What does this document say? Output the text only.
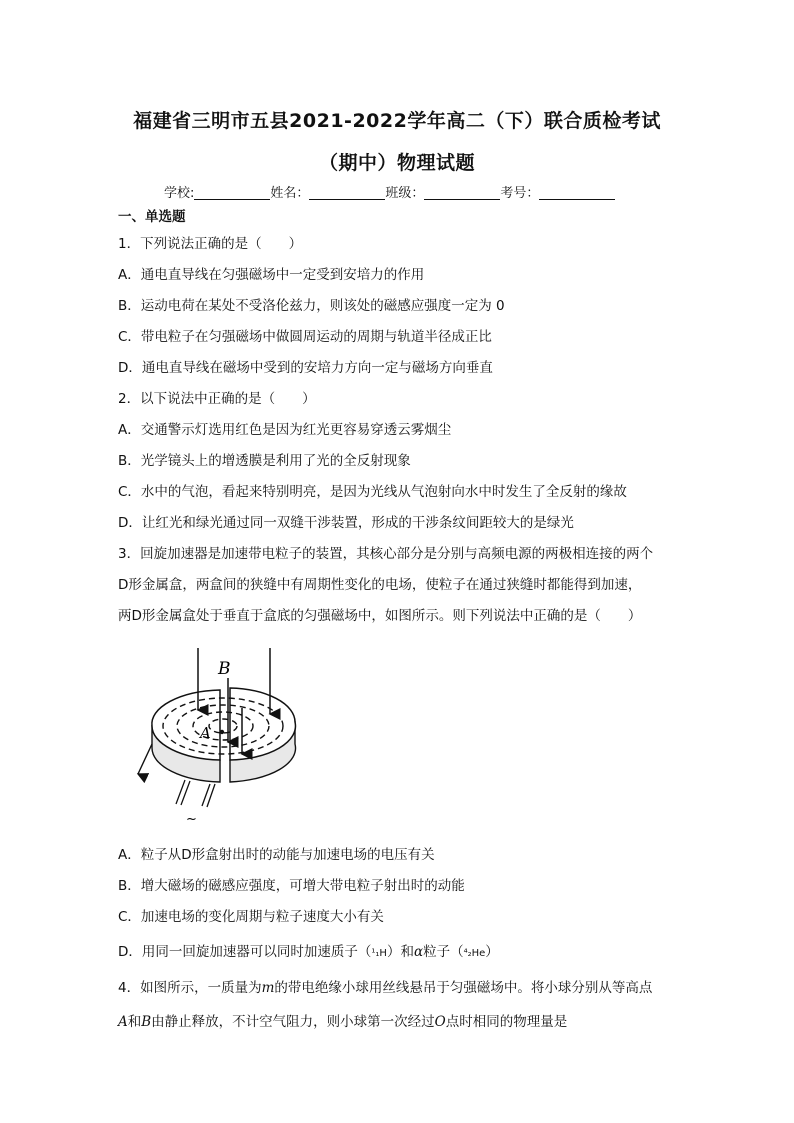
福建省三明市五县2021-2022学年高二（下）联合质检考试
（期中）物理试题
学校:	姓名：	班级：	考号：
一、单选题
1．下列说法正确的是（　　）
A．通电直导线在匀强磁场中一定受到安培力的作用
B．运动电荷在某处不受洛伦兹力，则该处的磁感应强度一定为 0
C．带电粒子在匀强磁场中做圆周运动的周期与轨道半径成正比
D．通电直导线在磁场中受到的安培力方向一定与磁场方向垂直
2．以下说法中正确的是（　　）
A．交通警示灯选用红色是因为红光更容易穿透云雾烟尘
B．光学镜头上的增透膜是利用了光的全反射现象
C．水中的气泡，看起来特别明亮，是因为光线从气泡射向水中时发生了全反射的缘故
D．让红光和绿光通过同一双缝干涉装置，形成的干涉条纹间距较大的是绿光
3．回旋加速器是加速带电粒子的装置，其核心部分是分别与高频电源的两极相连接的两个
D形金属盒，两盒间的狭缝中有周期性变化的电场，使粒子在通过狭缝时都能得到加速，
两D形金属盒处于垂直于盒底的匀强磁场中，如图所示。则下列说法中正确的是（　　）
B
A
~
A．粒子从D形盒射出时的动能与加速电场的电压有关
B．增大磁场的磁感应强度，可增大带电粒子射出时的动能
C．加速电场的变化周期与粒子速度大小有关
D．用同一回旋加速器可以同时加速质子（¹₁H）和α粒子（⁴₂He）
4．如图所示，一质量为m的带电绝缘小球用丝线悬吊于匀强磁场中。将小球分别从等高点
A和B由静止释放，不计空气阻力，则小球第一次经过O点时相同的物理量是
